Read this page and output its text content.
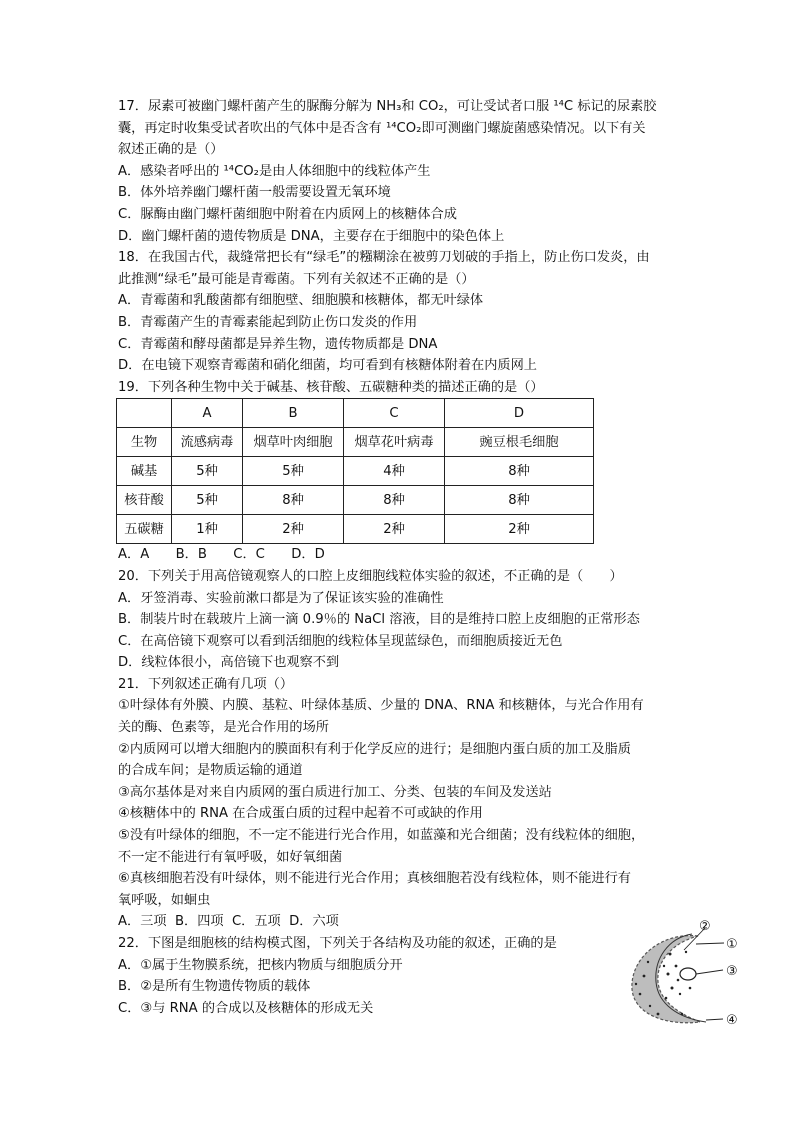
17．尿素可被幽门螺杆菌产生的脲酶分解为 NH₃和 CO₂，可让受试者口服 ¹⁴C 标记的尿素胶

囊，再定时收集受试者吹出的气体中是否含有 ¹⁴CO₂即可测幽门螺旋菌感染情况。以下有关

叙述正确的是（）

A．感染者呼出的 ¹⁴CO₂是由人体细胞中的线粒体产生

B．体外培养幽门螺杆菌一般需要设置无氧环境

C．脲酶由幽门螺杆菌细胞中附着在内质网上的核糖体合成

D．幽门螺杆菌的遗传物质是 DNA，主要存在于细胞中的染色体上

18．在我国古代，裁缝常把长有“绿毛”的糨糊涂在被剪刀划破的手指上，防止伤口发炎，由

此推测“绿毛”最可能是青霉菌。下列有关叙述不正确的是（）

A．青霉菌和乳酸菌都有细胞壁、细胞膜和核糖体，都无叶绿体

B．青霉菌产生的青霉素能起到防止伤口发炎的作用

C．青霉菌和酵母菌都是异养生物，遗传物质都是 DNA

D．在电镜下观察青霉菌和硝化细菌，均可看到有核糖体附着在内质网上

19．下列各种生物中关于碱基、核苷酸、五碳糖种类的描述正确的是（）

	A	B	C	D
生物	流感病毒	烟草叶肉细胞	烟草花叶病毒	豌豆根毛细胞
碱基	5种	5种	4种	8种
核苷酸	5种	8种	8种	8种
五碳糖	1种	2种	2种	2种

A．A　　B．B　　C．C　　D．D

20．下列关于用高倍镜观察人的口腔上皮细胞线粒体实验的叙述，不正确的是（　　）

A．牙签消毒、实验前漱口都是为了保证该实验的准确性

B．制装片时在载玻片上滴一滴 0.9％的 NaCl 溶液，目的是维持口腔上皮细胞的正常形态

C．在高倍镜下观察可以看到活细胞的线粒体呈现蓝绿色，而细胞质接近无色

D．线粒体很小，高倍镜下也观察不到

21．下列叙述正确有几项（）

①叶绿体有外膜、内膜、基粒、叶绿体基质、少量的 DNA、RNA 和核糖体，与光合作用有

关的酶、色素等，是光合作用的场所

②内质网可以增大细胞内的膜面积有利于化学反应的进行；是细胞内蛋白质的加工及脂质

的合成车间；是物质运输的通道

③高尔基体是对来自内质网的蛋白质进行加工、分类、包装的车间及发送站

④核糖体中的 RNA 在合成蛋白质的过程中起着不可或缺的作用

⑤没有叶绿体的细胞，不一定不能进行光合作用，如蓝藻和光合细菌；没有线粒体的细胞，

不一定不能进行有氧呼吸，如好氧细菌

⑥真核细胞若没有叶绿体，则不能进行光合作用；真核细胞若没有线粒体，则不能进行有

氧呼吸，如蛔虫

A．三项  B．四项  C．五项  D．六项

22．下图是细胞核的结构模式图，下列关于各结构及功能的叙述，正确的是

A．①属于生物膜系统，把核内物质与细胞质分开

B．②是所有生物遗传物质的载体

C．③与 RNA 的合成以及核糖体的形成无关

②
①
③
④
